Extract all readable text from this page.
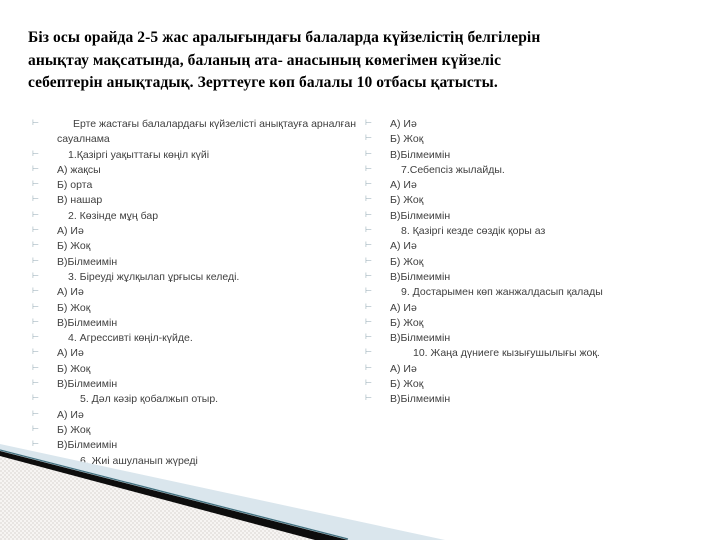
Біз осы орайда 2-5 жас аралығындағы балаларда күйзелістің белгілерін
анықтау мақсатында, баланың ата- анасының көмегімен күйзеліс
себептерін анықтадық. Зерттеуге көп балалы 10 отбасы қатысты.
⊢	Ерте жастағы балалардағы күйзелісті анықтауға арналған сауалнама
⊢	1.Қазіргі уақыттағы көңіл күйі
⊢ А) жақсы
⊢ Б) орта
⊢ В) нашар
⊢	2. Көзінде мұң бар
⊢ А) Иә
⊢ Б) Жоқ
⊢ В)Білмеимін
⊢	3. Біреуді жұлқылап ұрғысы келеді.
⊢ А) Иә
⊢ Б) Жоқ
⊢ В)Білмеимін
⊢	4. Агрессивті көңіл-күйде.
⊢ А) Иә
⊢ Б) Жоқ
⊢ В)Білмеимін
⊢	5. Дәл кәзір қобалжып отыр.
⊢ А) Иә
⊢ Б) Жоқ
⊢ В)Білмеимін
6. Жиі ашуланып жүреді
⊢ А) Иә
⊢ Б) Жоқ
⊢ В)Білмеимін
⊢	7.Себепсіз жылайды.
⊢ А) Иә
⊢ Б) Жоқ
⊢ В)Білмеимін
⊢	8. Қазіргі кезде сөздік қоры аз
⊢ А) Иә
⊢ Б) Жоқ
⊢ В)Білмеимін
⊢	9. Достарымен көп жанжалдасып қалады
⊢ А) Иә
⊢ Б) Жоқ
⊢ В)Білмеимін
⊢	10. Жаңа дүниеге кызығушылығы жоқ.
⊢ А) Иә
⊢ Б) Жоқ
⊢ В)Білмеимін
